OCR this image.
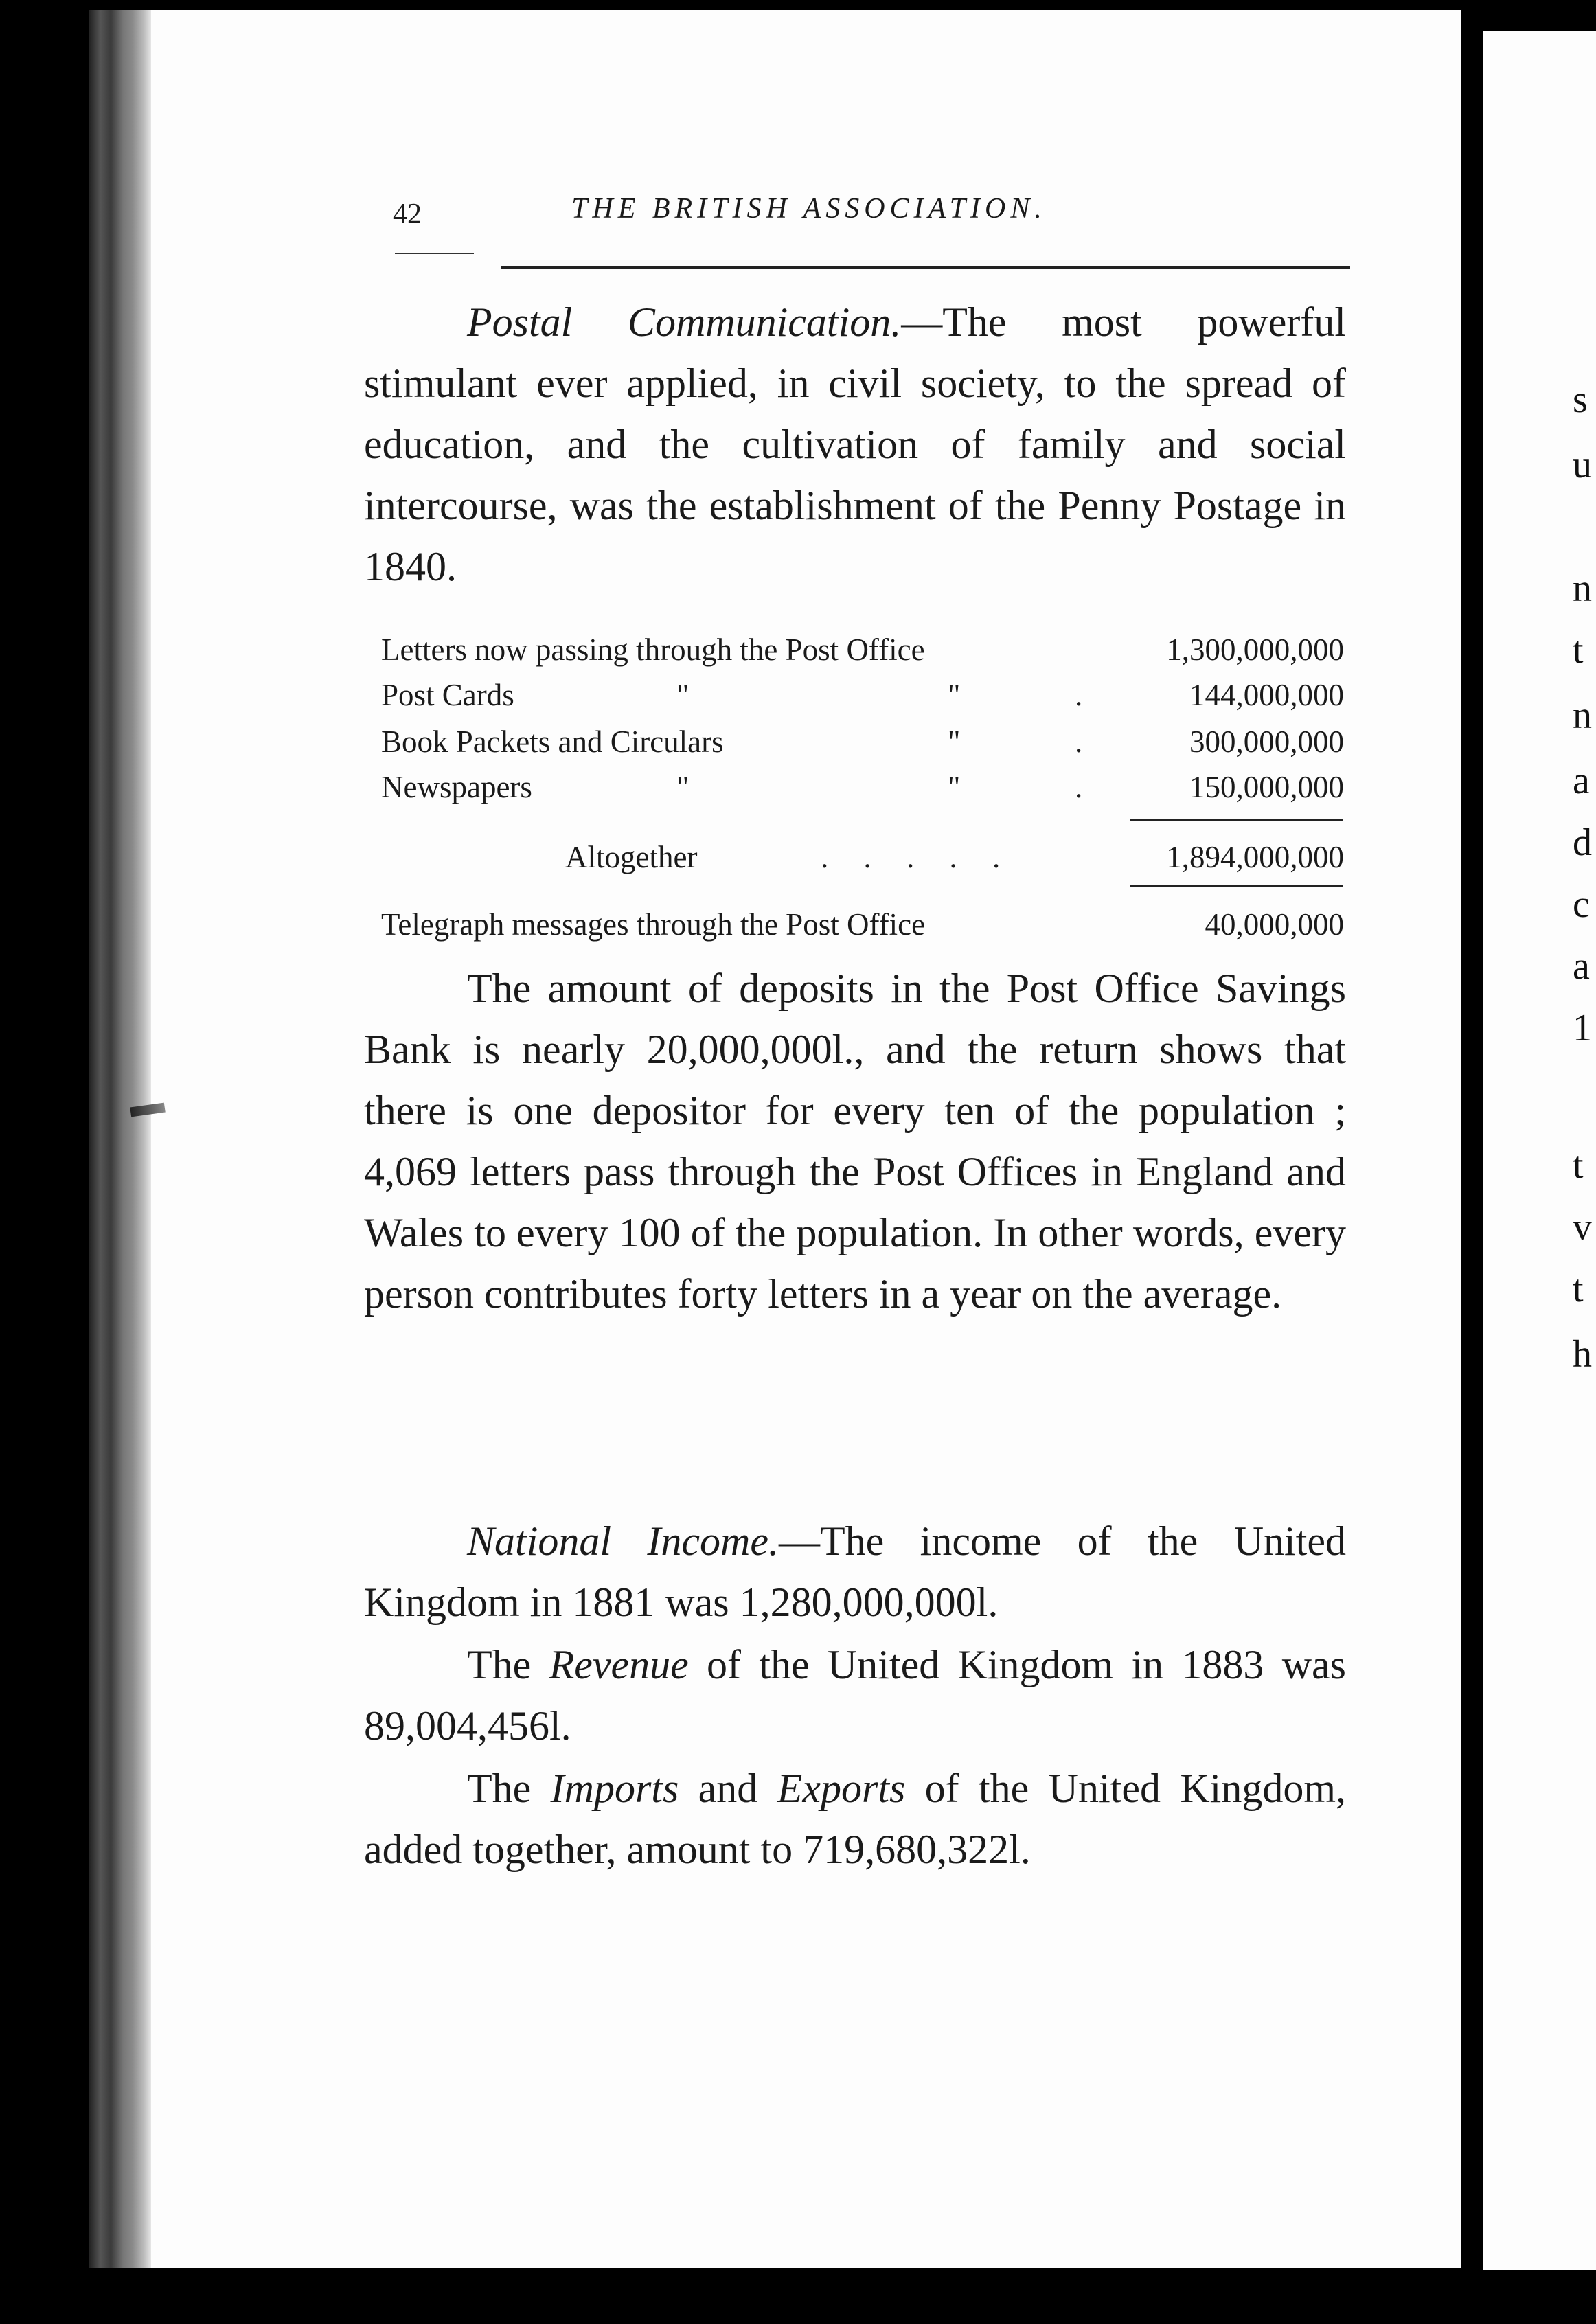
s
u
n
t
n
a
d
c
a
1
t
v
t
h
42	THE BRITISH ASSOCIATION.
Postal Communication.—The most powerful stimulant ever applied, in civil society, to the spread of education, and the cultivation of family and social intercourse, was the establishment of the Penny Postage in 1840.
Letters now passing through the Post Office	1,300,000,000
Post Cards	"	"	.	144,000,000
Book Packets and Circulars	"	.	300,000,000
Newspapers	"	"	.	150,000,000
Altogether	. . . . .	1,894,000,000
Telegraph messages through the Post Office	40,000,000
The amount of deposits in the Post Office Savings Bank is nearly 20,000,000l., and the return shows that there is one depositor for every ten of the population ; 4,069 letters pass through the Post Offices in England and Wales to every 100 of the population. In other words, every person contributes forty letters in a year on the average.
National Income.—The income of the United Kingdom in 1881 was 1,280,000,000l.
The Revenue of the United Kingdom in 1883 was 89,004,456l.
The Imports and Exports of the United Kingdom, added together, amount to 719,680,322l.
